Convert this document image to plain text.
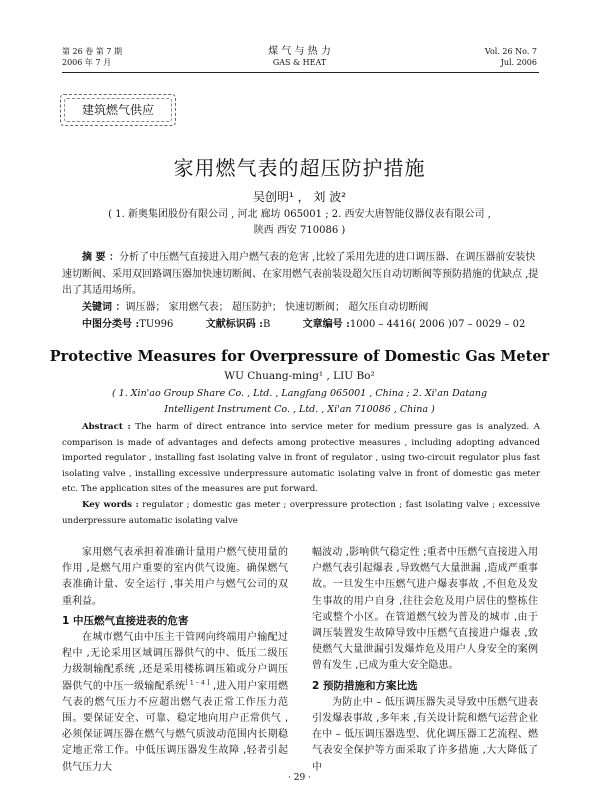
第 26 卷 第 7 期
2006 年 7 月
煤 气 与 热 力
GAS & HEAT
Vol. 26 No. 7
Jul. 2006
建筑燃气供应
家用燃气表的超压防护措施
吴创明¹ ， 刘 波²
( 1. 新奥集团股份有限公司 , 河北 廊坊 065001 ; 2. 西安大唐智能仪器仪表有限公司 ,
陕西 西安 710086 )
摘 要 ：分析了中压燃气直接进入用户燃气表的危害 ,比较了采用先进的进口调压器、在调压器前安装快速切断阀、采用双回路调压器加快速切断阀、在家用燃气表前装设超欠压自动切断阀等预防措施的优缺点 ,提出了其适用场所。
关键词 ：调压器； 家用燃气表； 超压防护； 快速切断阀； 超欠压自动切断阀
中图分类号 :TU996	文献标识码 :B	文章编号 :1000 – 4416( 2006 )07 – 0029 – 02
Protective Measures for Overpressure of Domestic Gas Meter
WU Chuang-ming¹ , LIU Bo²
( 1. Xin'ao Group Share Co. , Ltd. , Langfang 065001 , China ; 2. Xi'an Datang
Intelligent Instrument Co. , Ltd. , Xi'an 710086 , China )
Abstract : The harm of direct entrance into service meter for medium pressure gas is analyzed. A comparison is made of advantages and defects among protective measures , including adopting advanced imported regulator , installing fast isolating valve in front of regulator , using two-circuit regulator plus fast isolating valve , installing excessive underpressure automatic isolating valve in front of domestic gas meter etc. The application sites of the measures are put forward.
Key words : regulator ; domestic gas meter ; overpressure protection ; fast isolating valve ; excessive underpressure automatic isolating valve

家用燃气表承担着准确计量用户燃气使用量的作用 ,是燃气用户重要的室内供气设施。确保燃气表准确计量、安全运行 ,事关用户与燃气公司的双重利益。

1 中压燃气直接进表的危害

在城市燃气由中压主干管网向终端用户输配过程中 ,无论采用区域调压器供气的中、低压二级压力级制输配系统 ,还是采用楼栋调压箱或分户调压器供气的中压一级输配系统[ 1 – 4 ] ,进入用户家用燃气表的燃气压力不应超出燃气表正常工作压力范围。要保证安全、可靠、稳定地向用户正常供气 ,必须保证调压器在燃气与燃气质波动范围内长期稳定地正常工作。中低压调压器发生故障 ,轻者引起供气压力大

幅波动 ,影响供气稳定性 ;重者中压燃气直接进入用户燃气表引起爆表 ,导致燃气大量泄漏 ,造成严重事故。一旦发生中压燃气进户爆表事故 ,不但危及发生事故的用户自身 ,往往会危及用户居住的整栋住宅或整个小区。在管道燃气较为普及的城市 ,由于调压装置发生故障导致中压燃气直接进户爆表 ,致使燃气大量泄漏引发爆炸危及用户人身安全的案例曾有发生 ,已成为重大安全隐患。

2 预防措施和方案比选

为防止中 – 低压调压器失灵导致中压燃气进表引发爆表事故 ,多年来 ,有关设计院和燃气运营企业在中 – 低压调压器选型、优化调压器工艺流程、燃气表安全保护等方面采取了许多措施 ,大大降低了中

· 29 ·
